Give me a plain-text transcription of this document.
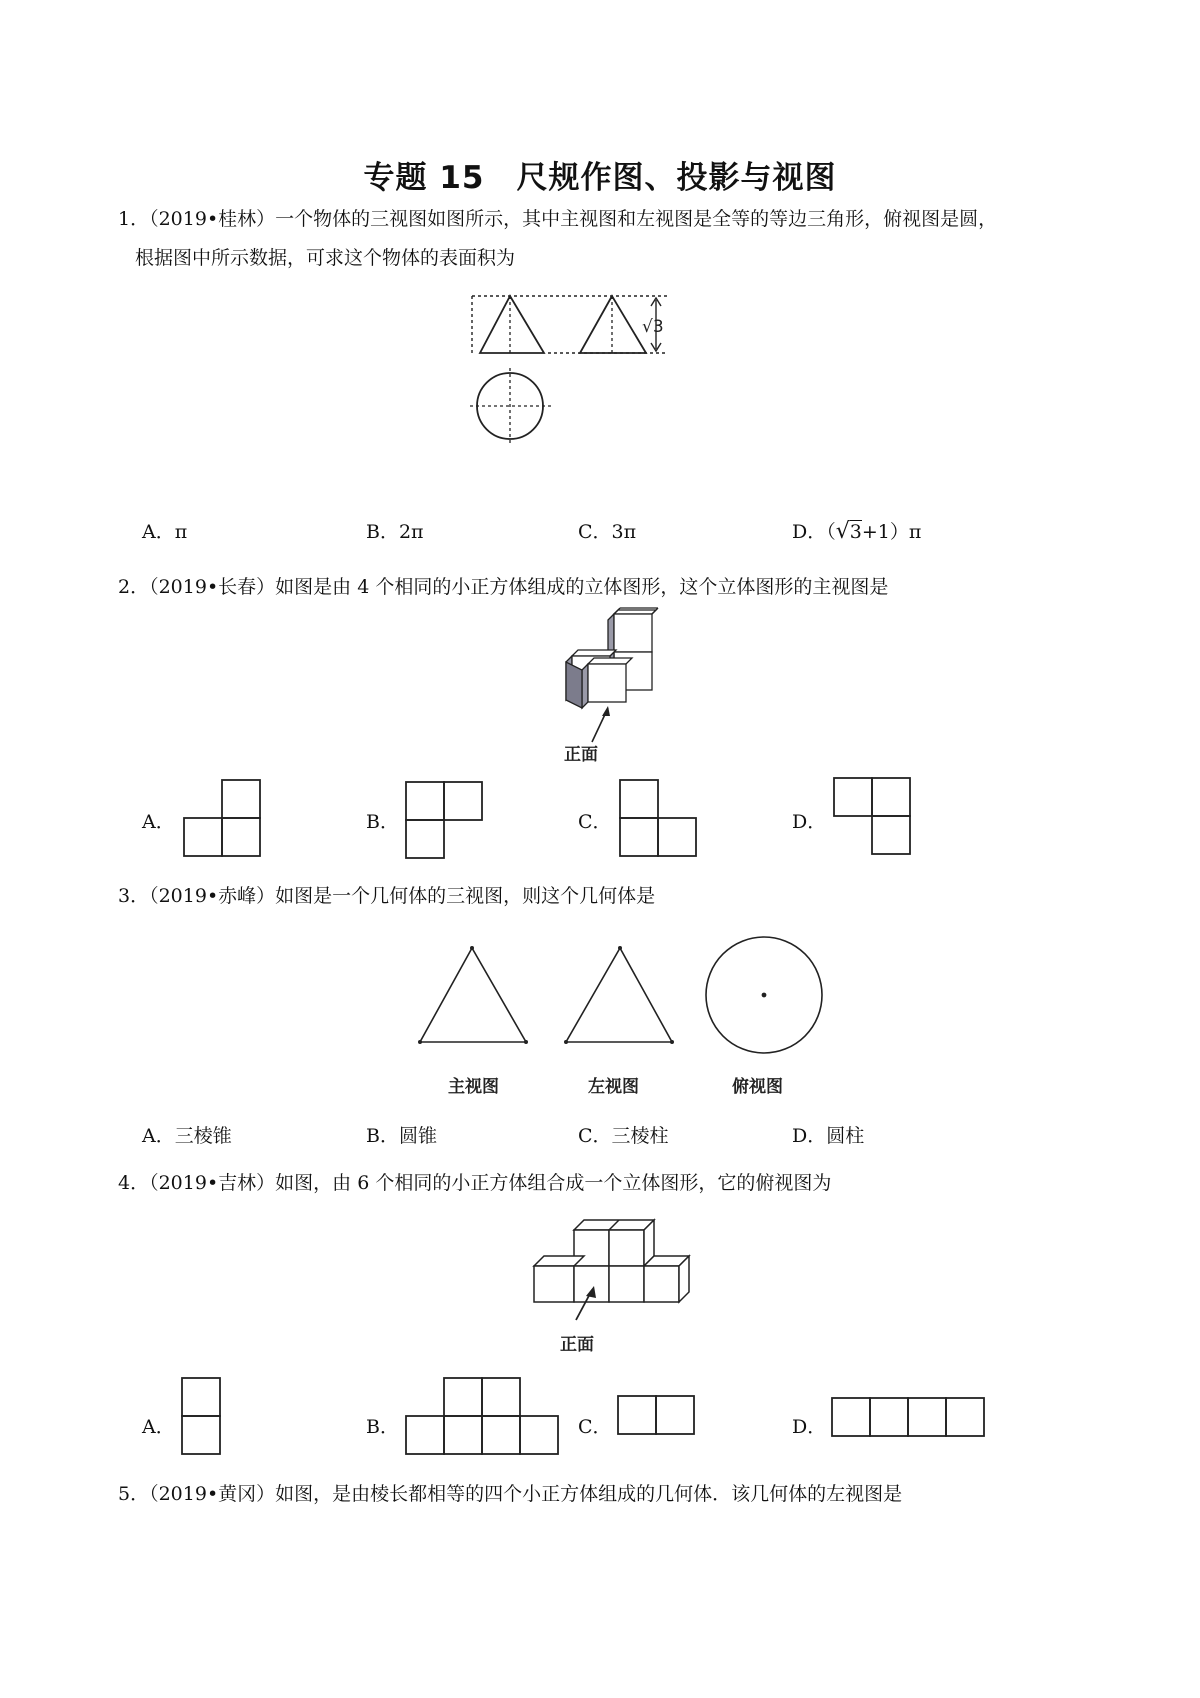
专题 15　尺规作图、投影与视图
1．（2019•桂林）一个物体的三视图如图所示，其中主视图和左视图是全等的等边三角形，俯视图是圆，
根据图中所示数据，可求这个物体的表面积为
√3
A．π	B．2π	C．3π	D．（√3+1）π
2．（2019•长春）如图是由 4 个相同的小正方体组成的立体图形，这个立体图形的主视图是
正面
A．	B．	C．	D．
3．（2019•赤峰）如图是一个几何体的三视图，则这个几何体是
主视图	左视图	俯视图
A．三棱锥	B．圆锥	C．三棱柱	D．圆柱
4．（2019•吉林）如图，由 6 个相同的小正方体组合成一个立体图形，它的俯视图为
正面
A．	B．	C．	D．
5．（2019•黄冈）如图，是由棱长都相等的四个小正方体组成的几何体．该几何体的左视图是
